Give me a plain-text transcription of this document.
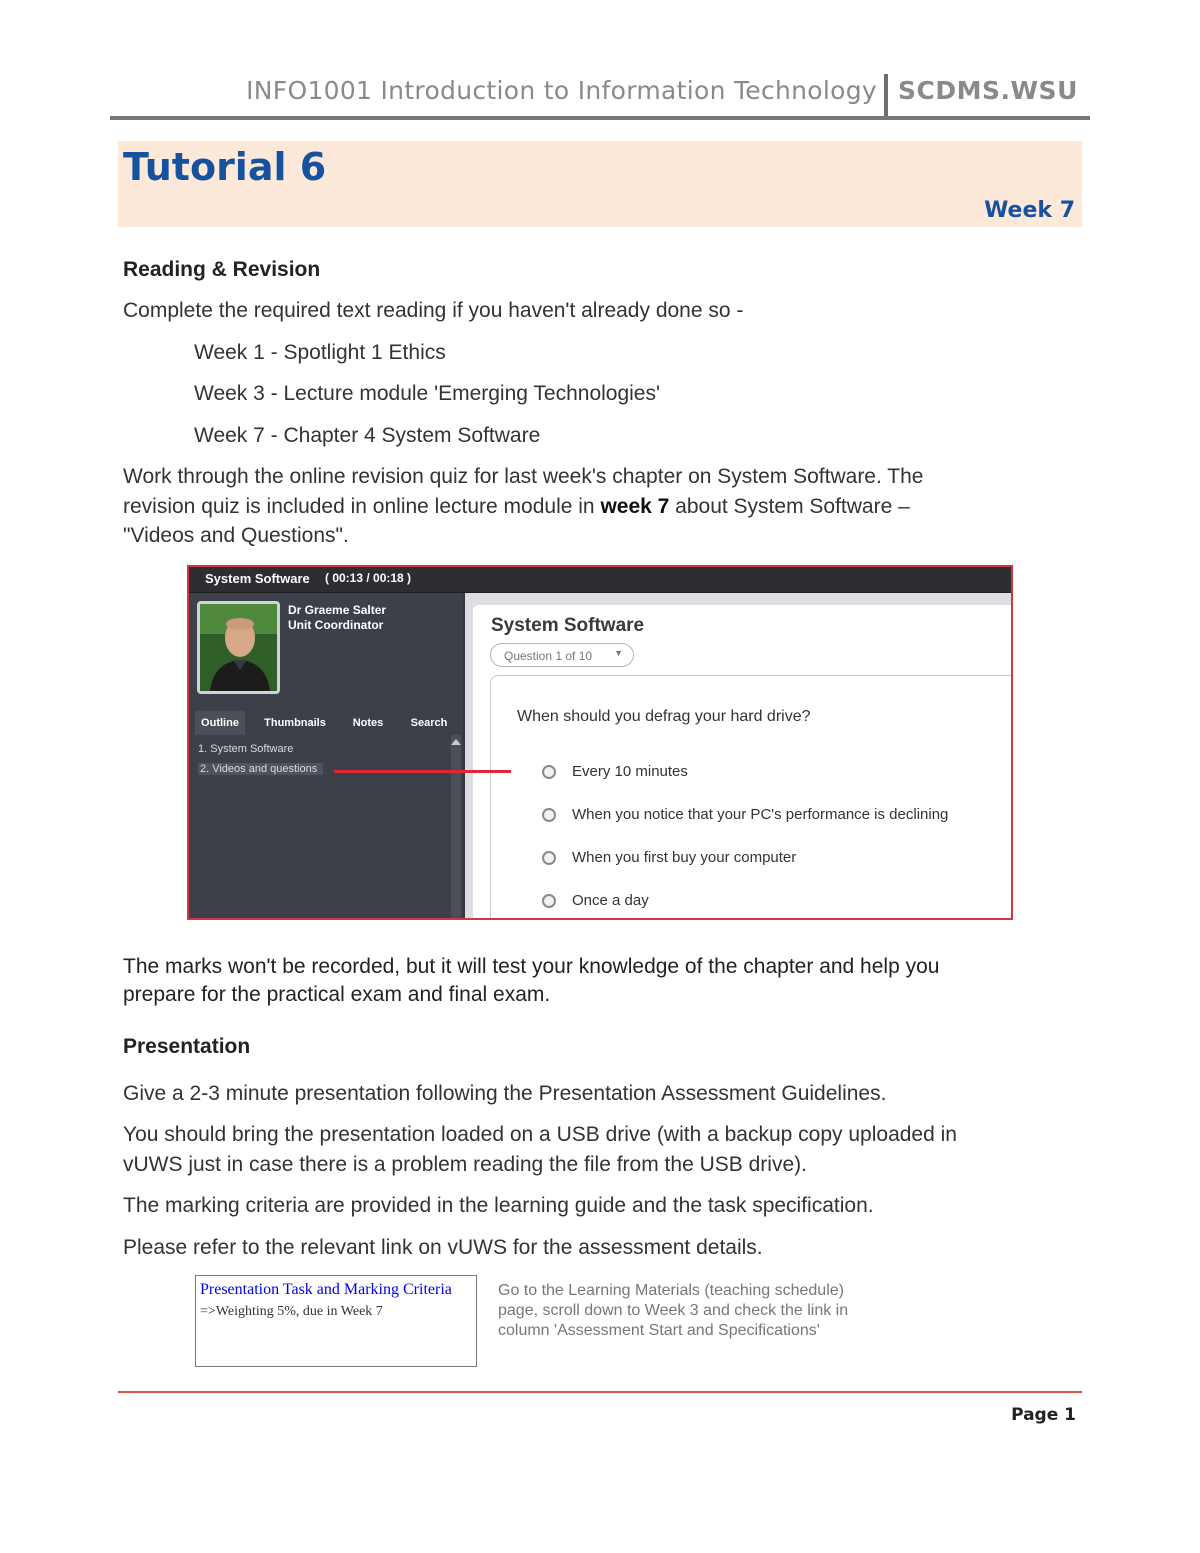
INFO1001 Introduction to Information Technology SCDMS.WSU
Tutorial 6
Week 7
Reading & Revision
Complete the required text reading if you haven't already done so -
Week 1 - Spotlight 1 Ethics
Week 3 - Lecture module 'Emerging Technologies'
Week 7 - Chapter 4 System Software
Work through the online revision quiz for last week's chapter on System Software. The
revision quiz is included in online lecture module in week 7 about System Software –
"Videos and Questions".
System Software ( 00:13 / 00:18 )
Dr Graeme Salter
Unit Coordinator
Outline	Thumbnails	Notes	Search
1. System Software
2. Videos and questions
System Software
Question 1 of 10 ▼
When should you defrag your hard drive?
Every 10 minutes
When you notice that your PC's performance is declining
When you first buy your computer
Once a day
The marks won't be recorded, but it will test your knowledge of the chapter and help you
prepare for the practical exam and final exam.
Presentation
Give a 2-3 minute presentation following the Presentation Assessment Guidelines.
You should bring the presentation loaded on a USB drive (with a backup copy uploaded in
vUWS just in case there is a problem reading the file from the USB drive).
The marking criteria are provided in the learning guide and the task specification.
Please refer to the relevant link on vUWS for the assessment details.
Presentation Task and Marking Criteria
=>Weighting 5%, due in Week 7
Go to the Learning Materials (teaching schedule) page, scroll down to Week 3 and check the link in column 'Assessment Start and Specifications'
Page 1
